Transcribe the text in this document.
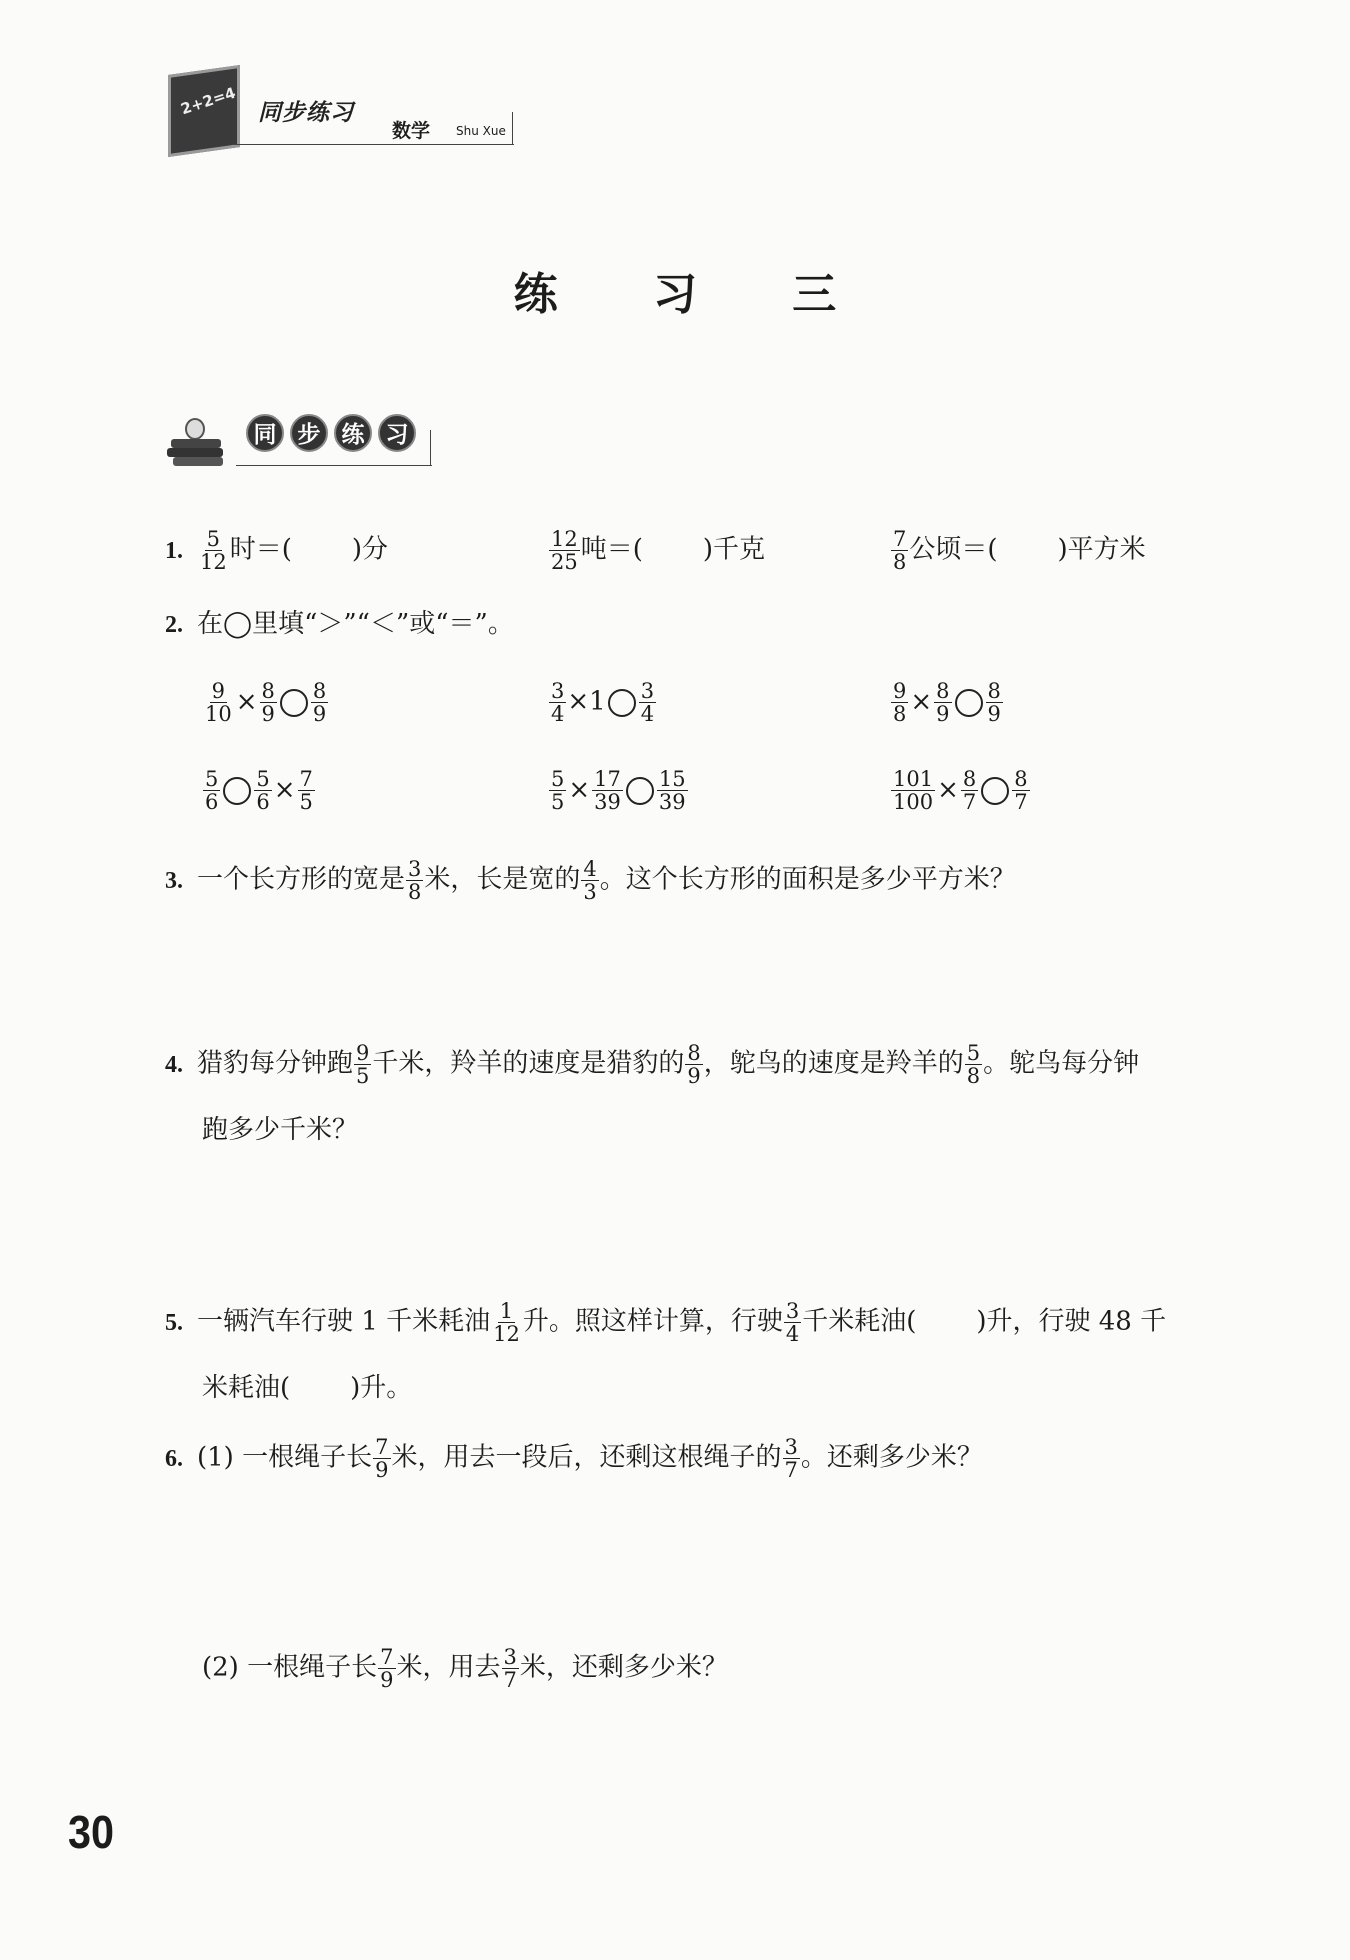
2+2=4 同步练习
数学 Shu Xue
练 习 三
同 步 练 习
1. $\frac{5}{12}$ 时＝( )分	$\frac{12}{25}$ 吨＝( )千克	$\frac{7}{8}$ 公顷＝( )平方米
2. 在◯里填“＞”“＜”或“＝”。
$\frac{9}{10} \times \frac{8}{9} \frac{8}{9}$	$\frac{3}{4} \times 1 \frac{3}{4}$	$\frac{9}{8} \times \frac{8}{9} \frac{8}{9}$
$\frac{5}{6} \frac{5}{6} \times \frac{7}{5}$	$\frac{5}{5} \times \frac{17}{39} \frac{15}{39}$	$\frac{101}{100} \times \frac{8}{7} \frac{8}{7}$
3. 一个长方形的宽是 $\frac{3}{8}$ 米，长是宽的 $\frac{4}{3}$ 。这个长方形的面积是多少平方米？
4. 猎豹每分钟跑 $\frac{9}{5}$ 千米，羚羊的速度是猎豹的 $\frac{8}{9}$ ，鸵鸟的速度是羚羊的 $\frac{5}{8}$ 。鸵鸟每分钟
跑多少千米？
5. 一辆汽车行驶 1 千米耗油 $\frac{1}{12}$ 升。照这样计算，行驶 $\frac{3}{4}$ 千米耗油( )升，行驶 48 千
米耗油( )升。
6. (1) 一根绳子长 $\frac{7}{9}$ 米，用去一段后，还剩这根绳子的 $\frac{3}{7}$ 。还剩多少米？
(2) 一根绳子长 $\frac{7}{9}$ 米，用去 $\frac{3}{7}$ 米，还剩多少米？
30
